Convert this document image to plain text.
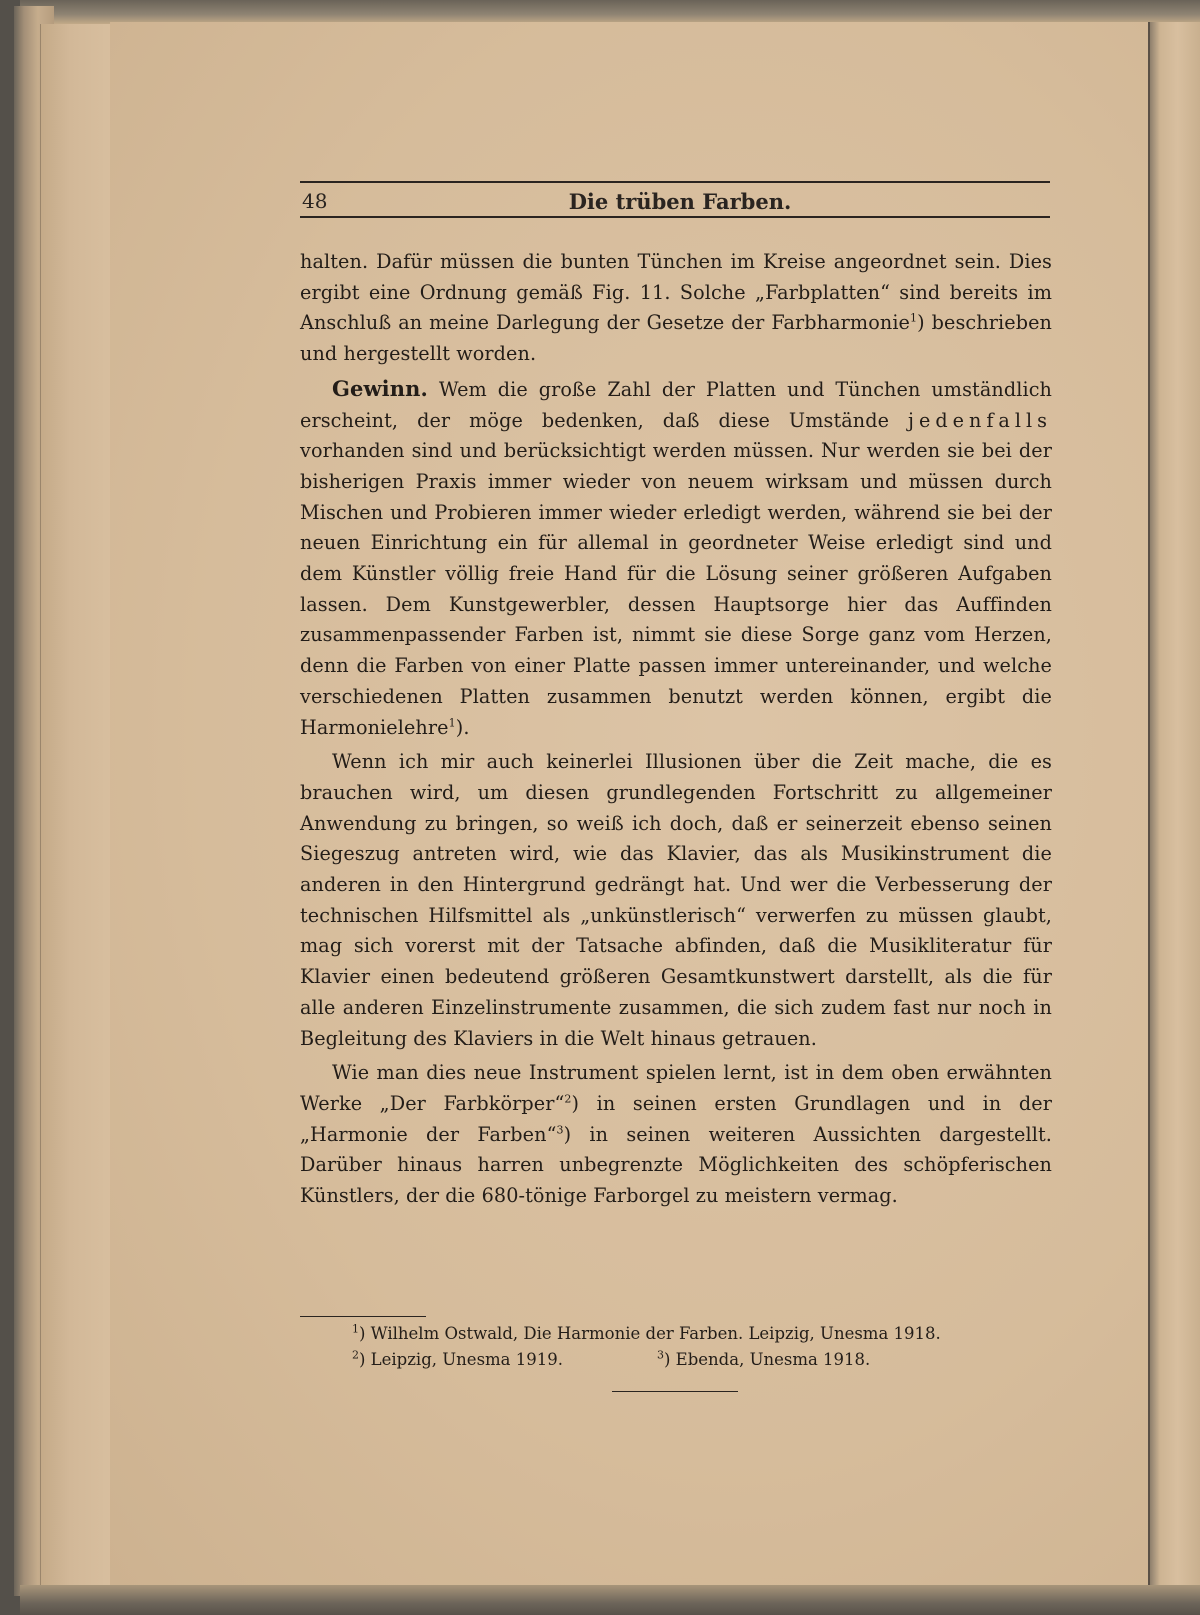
48	Die trüben Farben.

halten. Dafür müssen die bunten Tünchen im Kreise angeordnet sein. Dies ergibt eine Ordnung gemäß Fig. 11. Solche „Farbplatten“ sind bereits im Anschluß an meine Darlegung der Gesetze der Farbharmonie$^1$) beschrieben und hergestellt worden.

Gewinn. Wem die große Zahl der Platten und Tünchen umständlich erscheint, der möge bedenken, daß diese Umstände jedenfalls vorhanden sind und berücksichtigt werden müssen. Nur werden sie bei der bisherigen Praxis immer wieder von neuem wirksam und müssen durch Mischen und Probieren immer wieder erledigt werden, während sie bei der neuen Einrichtung ein für allemal in geordneter Weise erledigt sind und dem Künstler völlig freie Hand für die Lösung seiner größeren Aufgaben lassen. Dem Kunstgewerbler, dessen Hauptsorge hier das Auffinden zusammenpassender Farben ist, nimmt sie diese Sorge ganz vom Herzen, denn die Farben von einer Platte passen immer untereinander, und welche verschiedenen Platten zusammen benutzt werden können, ergibt die Harmonielehre$^1$).

Wenn ich mir auch keinerlei Illusionen über die Zeit mache, die es brauchen wird, um diesen grundlegenden Fortschritt zu allgemeiner Anwendung zu bringen, so weiß ich doch, daß er seinerzeit ebenso seinen Siegeszug antreten wird, wie das Klavier, das als Musikinstrument die anderen in den Hintergrund gedrängt hat. Und wer die Verbesserung der technischen Hilfsmittel als „unkünstlerisch“ verwerfen zu müssen glaubt, mag sich vorerst mit der Tatsache abfinden, daß die Musikliteratur für Klavier einen bedeutend größeren Gesamtkunstwert darstellt, als die für alle anderen Einzelinstrumente zusammen, die sich zudem fast nur noch in Begleitung des Klaviers in die Welt hinaus getrauen.

Wie man dies neue Instrument spielen lernt, ist in dem oben erwähnten Werke „Der Farbkörper“$^2$) in seinen ersten Grundlagen und in der „Harmonie der Farben“$^3$) in seinen weiteren Aussichten dargestellt. Darüber hinaus harren unbegrenzte Möglichkeiten des schöpferischen Künstlers, der die 680-tönige Farborgel zu meistern vermag.

$^1$) Wilhelm Ostwald, Die Harmonie der Farben. Leipzig, Unesma 1918.
$^2$) Leipzig, Unesma 1919.	$^3$) Ebenda, Unesma 1918.
